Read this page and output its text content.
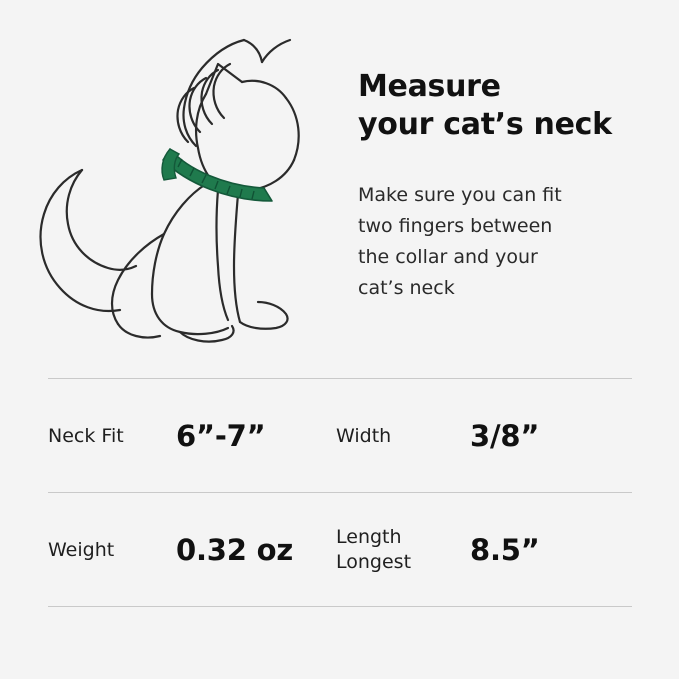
Measure
your cat’s neck
Make sure you can fit
two fingers between
the collar and your
cat’s neck
Neck Fit 6”-7”	Width	3/8”
Weight 0.32 oz Length
Longest 8.5”
